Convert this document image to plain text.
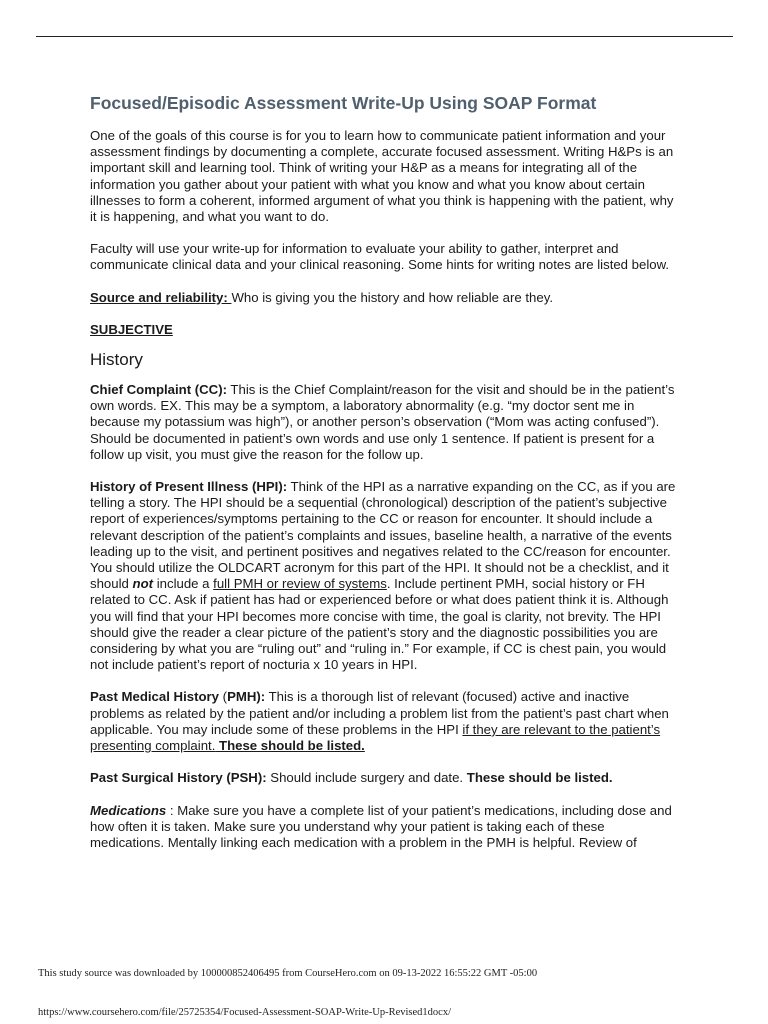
Focused/Episodic Assessment Write-Up Using SOAP Format

One of the goals of this course is for you to learn how to communicate patient information and your assessment findings by documenting a complete, accurate focused assessment. Writing H&Ps is an important skill and learning tool. Think of writing your H&P as a means for integrating all of the information you gather about your patient with what you know and what you know about certain illnesses to form a coherent, informed argument of what you think is happening with the patient, why it is happening, and what you want to do.

Faculty will use your write-up for information to evaluate your ability to gather, interpret and communicate clinical data and your clinical reasoning. Some hints for writing notes are listed below.

Source and reliability: Who is giving you the history and how reliable are they.

SUBJECTIVE

History

Chief Complaint (CC): This is the Chief Complaint/reason for the visit and should be in the patient’s own words. EX. This may be a symptom, a laboratory abnormality (e.g. “my doctor sent me in because my potassium was high”), or another person’s observation (“Mom was acting confused”). Should be documented in patient’s own words and use only 1 sentence. If patient is present for a follow up visit, you must give the reason for the follow up.

History of Present Illness (HPI): Think of the HPI as a narrative expanding on the CC, as if you are telling a story. The HPI should be a sequential (chronological) description of the patient’s subjective report of experiences/symptoms pertaining to the CC or reason for encounter. It should include a relevant description of the patient’s complaints and issues, baseline health, a narrative of the events leading up to the visit, and pertinent positives and negatives related to the CC/reason for encounter. You should utilize the OLDCART acronym for this part of the HPI. It should not be a checklist, and it should not include a full PMH or review of systems. Include pertinent PMH, social history or FH related to CC. Ask if patient has had or experienced before or what does patient think it is. Although you will find that your HPI becomes more concise with time, the goal is clarity, not brevity. The HPI should give the reader a clear picture of the patient’s story and the diagnostic possibilities you are considering by what you are “ruling out” and “ruling in.” For example, if CC is chest pain, you would not include patient’s report of nocturia x 10 years in HPI.

Past Medical History (PMH): This is a thorough list of relevant (focused) active and inactive problems as related by the patient and/or including a problem list from the patient’s past chart when applicable. You may include some of these problems in the HPI if they are relevant to the patient’s presenting complaint. These should be listed.

Past Surgical History (PSH): Should include surgery and date. These should be listed.

Medications : Make sure you have a complete list of your patient’s medications, including dose and how often it is taken. Make sure you understand why your patient is taking each of these medications. Mentally linking each medication with a problem in the PMH is helpful. Review of

This study source was downloaded by 100000852406495 from CourseHero.com on 09-13-2022 16:55:22 GMT -05:00
https://www.coursehero.com/file/25725354/Focused-Assessment-SOAP-Write-Up-Revised1docx/
